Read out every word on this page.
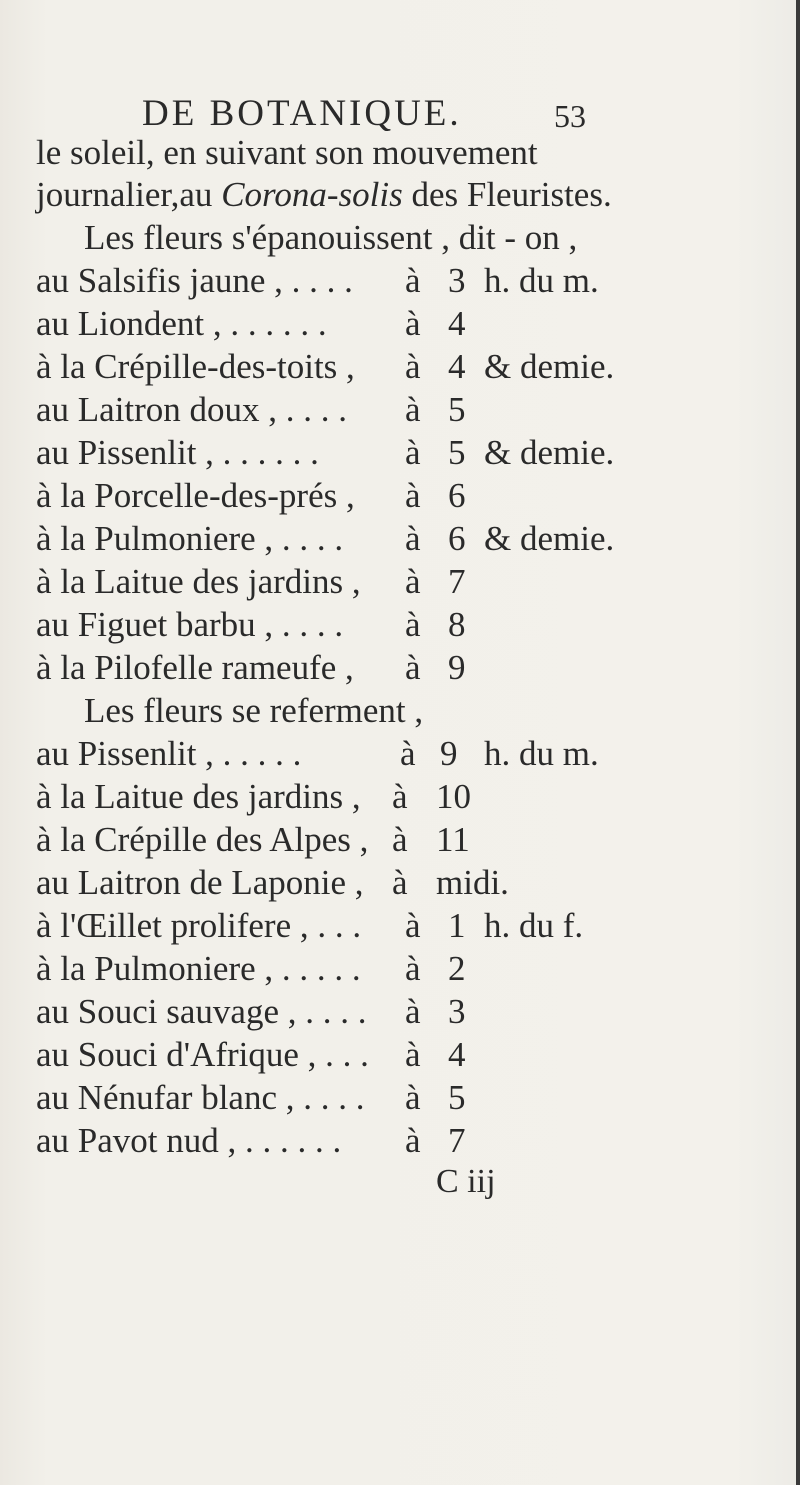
DE BOTANIQUE.	53
le soleil, en suivant son mouvement
journalier,au Corona-solis des Fleuristes.
Les fleurs s'épanouissent , dit - on ,
au Salsifis jaune , . . . . à 3 h. du m.
au Liondent , . . . . . . à 4
à la Crépille-des-toits , à 4 & demie.
au Laitron doux , . . . . à 5
au Pissenlit , . . . . . . à 5 & demie.
à la Porcelle-des-prés , à 6
à la Pulmoniere , . . . . à 6 & demie.
à la Laitue des jardins , à 7
au Figuet barbu , . . . . à 8
à la Pilofelle rameufe , à 9
Les fleurs se referment ,
au Pissenlit , . . . . .	à 9 h. du m.
à la Laitue des jardins , à 10
à la Crépille des Alpes , à 11
au Laitron de Laponie , à midi.
à l'Œillet prolifere , . . . à 1 h. du f.
à la Pulmoniere , . . . . . à 2
au Souci sauvage , . . . . à 3
au Souci d'Afrique , . . . à 4
au Nénufar blanc , . . . . à 5
au Pavot nud , . . . . . . à 7
C iij
